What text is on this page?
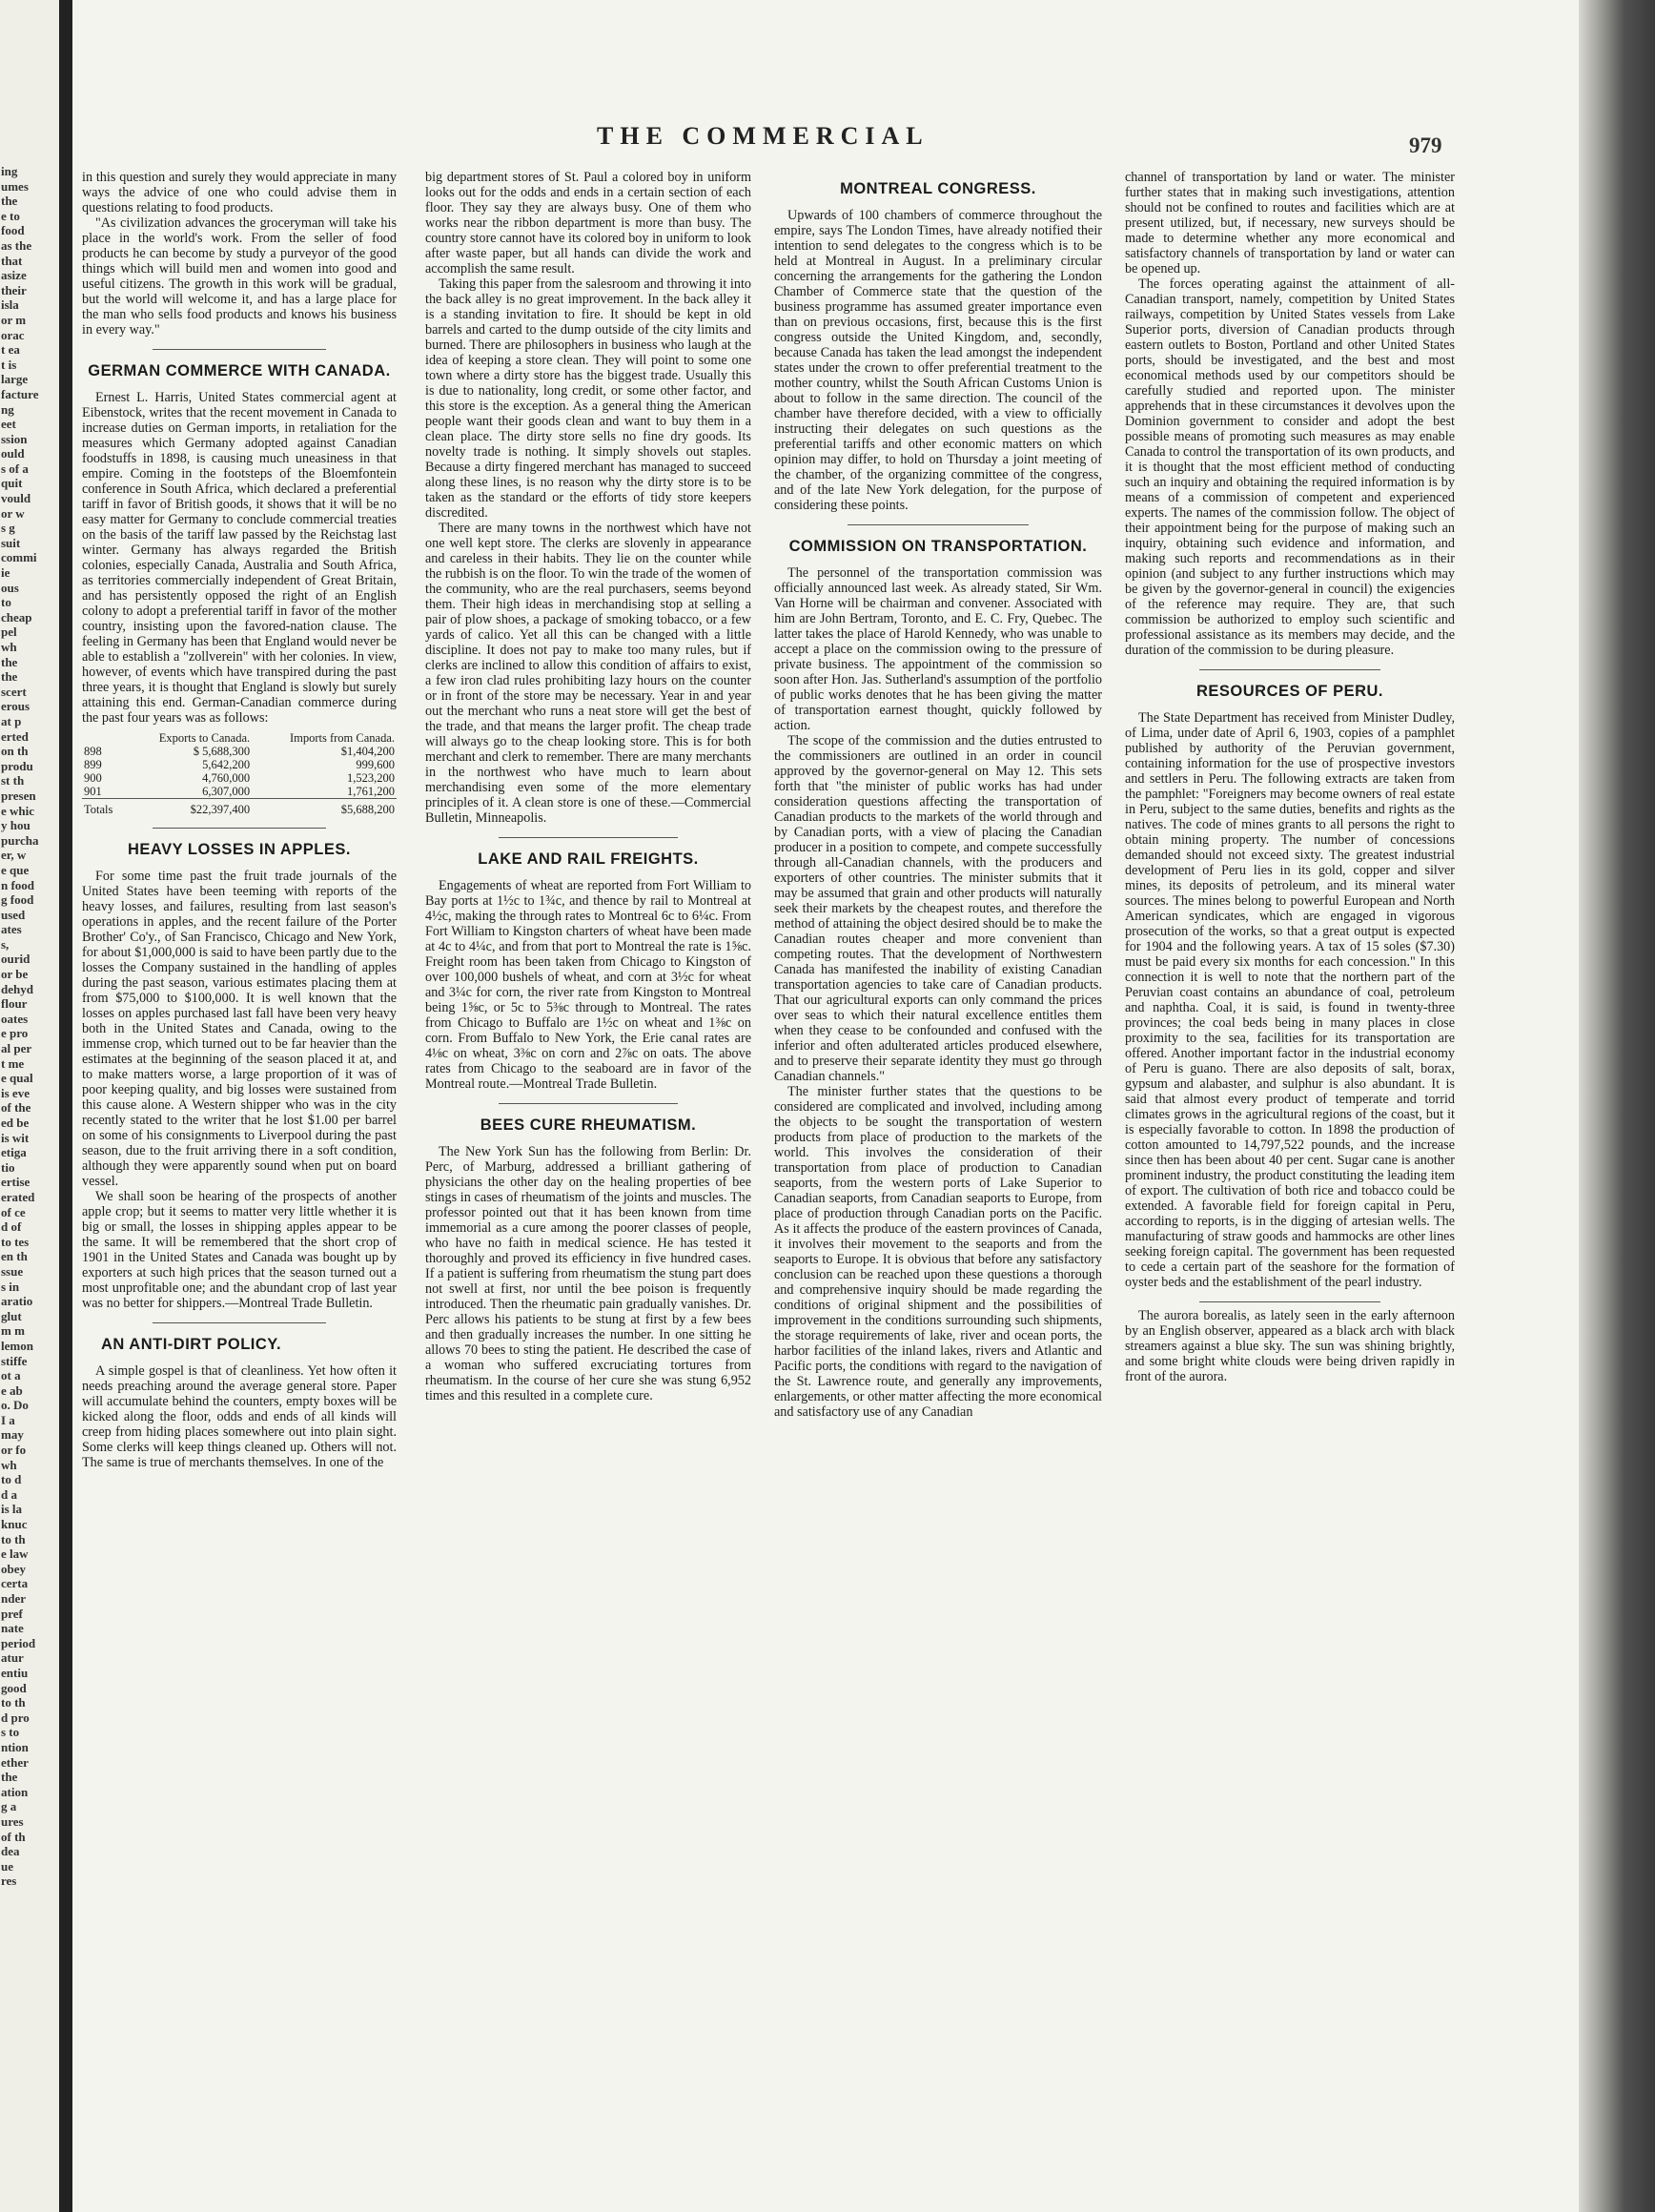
ing
umes
the
e to
food
as the
that
asize
their
isla
or m
orac
t ea
t is
large
facture
ng
eet
ssion
ould
s of a
quit
vould
or w
s g
suit
commi
ie
ous
to
cheap
pel
wh
the
the
scert
erous
at p
erted
on th
produ
st th
presen
e whic
y hou
purcha
er, w
e que
n food
g food
used
ates
s,
ourid
or be
dehyd
flour
oates
e pro
al per
t me
e qual
is eve
of the
ed be
is wit
etiga
tio
ertise
erated
of ce
d of
to tes
en th
ssue
s in
aratio
glut
m m
lemon
stiffe
ot a
e ab
o. Do
I a
may
or fo
wh
to d
d a
is la
knuc
to th
e law
obey
certa
nder
pref
nate
period
atur
entiu
good
to th
d pro
s to
ntion
ether
the
ation
g a
ures
of th
dea
ue
res
THE COMMERCIAL	979

in this question and surely they would appreciate in many ways the advice of one who could advise them in questions relating to food products.

"As civilization advances the groceryman will take his place in the world's work. From the seller of food products he can become by study a purveyor of the good things which will build men and women into good and useful citizens. The growth in this work will be gradual, but the world will welcome it, and has a large place for the man who sells food products and knows his business in every way."

GERMAN COMMERCE WITH CANADA.

Ernest L. Harris, United States commercial agent at Eibenstock, writes that the recent movement in Canada to increase duties on German imports, in retaliation for the measures which Germany adopted against Canadian foodstuffs in 1898, is causing much uneasiness in that empire. Coming in the footsteps of the Bloemfontein conference in South Africa, which declared a preferential tariff in favor of British goods, it shows that it will be no easy matter for Germany to conclude commercial treaties on the basis of the tariff law passed by the Reichstag last winter. Germany has always regarded the British colonies, especially Canada, Australia and South Africa, as territories commercially independent of Great Britain, and has persistently opposed the right of an English colony to adopt a preferential tariff in favor of the mother country, insisting upon the favored-nation clause. The feeling in Germany has been that England would never be able to establish a "zollverein" with her colonies. In view, however, of events which have transpired during the past three years, it is thought that England is slowly but surely attaining this end. German-Canadian commerce during the past four years was as follows:

	Exports to Canada.	Imports from Canada.
898	$ 5,688,300	$1,404,200
899	5,642,200	999,600
900	4,760,000	1,523,200
901	6,307,000	1,761,200
Totals	$22,397,400	$5,688,200
HEAVY LOSSES IN APPLES.

For some time past the fruit trade journals of the United States have been teeming with reports of the heavy losses, and failures, resulting from last season's operations in apples, and the recent failure of the Porter Brother' Co'y., of San Francisco, Chicago and New York, for about $1,000,000 is said to have been partly due to the losses the Company sustained in the handling of apples during the past season, various estimates placing them at from $75,000 to $100,000. It is well known that the losses on apples purchased last fall have been very heavy both in the United States and Canada, owing to the immense crop, which turned out to be far heavier than the estimates at the beginning of the season placed it at, and to make matters worse, a large proportion of it was of poor keeping quality, and big losses were sustained from this cause alone. A Western shipper who was in the city recently stated to the writer that he lost $1.00 per barrel on some of his consignments to Liverpool during the past season, due to the fruit arriving there in a soft condition, although they were apparently sound when put on board vessel.

We shall soon be hearing of the prospects of another apple crop; but it seems to matter very little whether it is big or small, the losses in shipping apples appear to be the same. It will be remembered that the short crop of 1901 in the United States and Canada was bought up by exporters at such high prices that the season turned out a most unprofitable one; and the abundant crop of last year was no better for shippers.—Montreal Trade Bulletin.

AN ANTI-DIRT POLICY.

A simple gospel is that of cleanliness. Yet how often it needs preaching around the average general store. Paper will accumulate behind the counters, empty boxes will be kicked along the floor, odds and ends of all kinds will creep from hiding places somewhere out into plain sight. Some clerks will keep things cleaned up. Others will not. The same is true of merchants themselves. In one of the

big department stores of St. Paul a colored boy in uniform looks out for the odds and ends in a certain section of each floor. They say they are always busy. One of them who works near the ribbon department is more than busy. The country store cannot have its colored boy in uniform to look after waste paper, but all hands can divide the work and accomplish the same result.

Taking this paper from the salesroom and throwing it into the back alley is no great improvement. In the back alley it is a standing invitation to fire. It should be kept in old barrels and carted to the dump outside of the city limits and burned. There are philosophers in business who laugh at the idea of keeping a store clean. They will point to some one town where a dirty store has the biggest trade. Usually this is due to nationality, long credit, or some other factor, and this store is the exception. As a general thing the American people want their goods clean and want to buy them in a clean place. The dirty store sells no fine dry goods. Its novelty trade is nothing. It simply shovels out staples. Because a dirty fingered merchant has managed to succeed along these lines, is no reason why the dirty store is to be taken as the standard or the efforts of tidy store keepers discredited.

There are many towns in the northwest which have not one well kept store. The clerks are slovenly in appearance and careless in their habits. They lie on the counter while the rubbish is on the floor. To win the trade of the women of the community, who are the real purchasers, seems beyond them. Their high ideas in merchandising stop at selling a pair of plow shoes, a package of smoking tobacco, or a few yards of calico. Yet all this can be changed with a little discipline. It does not pay to make too many rules, but if clerks are inclined to allow this condition of affairs to exist, a few iron clad rules prohibiting lazy hours on the counter or in front of the store may be necessary. Year in and year out the merchant who runs a neat store will get the best of the trade, and that means the larger profit. The cheap trade will always go to the cheap looking store. This is for both merchant and clerk to remember. There are many merchants in the northwest who have much to learn about merchandising even some of the more elementary principles of it. A clean store is one of these.—Commercial Bulletin, Minneapolis.

LAKE AND RAIL FREIGHTS.

Engagements of wheat are reported from Fort William to Bay ports at 1½c to 1¾c, and thence by rail to Montreal at 4½c, making the through rates to Montreal 6c to 6¼c. From Fort William to Kingston charters of wheat have been made at 4c to 4¼c, and from that port to Montreal the rate is 1⅝c. Freight room has been taken from Chicago to Kingston of over 100,000 bushels of wheat, and corn at 3½c for wheat and 3¼c for corn, the river rate from Kingston to Montreal being 1⅝c, or 5c to 5⅜c through to Montreal. The rates from Chicago to Buffalo are 1½c on wheat and 1⅜c on corn. From Buffalo to New York, the Erie canal rates are 4⅛c on wheat, 3⅜c on corn and 2⅞c on oats. The above rates from Chicago to the seaboard are in favor of the Montreal route.—Montreal Trade Bulletin.

BEES CURE RHEUMATISM.

The New York Sun has the following from Berlin: Dr. Perc, of Marburg, addressed a brilliant gathering of physicians the other day on the healing properties of bee stings in cases of rheumatism of the joints and muscles. The professor pointed out that it has been known from time immemorial as a cure among the poorer classes of people, who have no faith in medical science. He has tested it thoroughly and proved its efficiency in five hundred cases. If a patient is suffering from rheumatism the stung part does not swell at first, nor until the bee poison is frequently introduced. Then the rheumatic pain gradually vanishes. Dr. Perc allows his patients to be stung at first by a few bees and then gradually increases the number. In one sitting he allows 70 bees to sting the patient. He described the case of a woman who suffered excruciating tortures from rheumatism. In the course of her cure she was stung 6,952 times and this resulted in a complete cure.

MONTREAL CONGRESS.

Upwards of 100 chambers of commerce throughout the empire, says The London Times, have already notified their intention to send delegates to the congress which is to be held at Montreal in August. In a preliminary circular concerning the arrangements for the gathering the London Chamber of Commerce state that the question of the business programme has assumed greater importance even than on previous occasions, first, because this is the first congress outside the United Kingdom, and, secondly, because Canada has taken the lead amongst the independent states under the crown to offer preferential treatment to the mother country, whilst the South African Customs Union is about to follow in the same direction. The council of the chamber have therefore decided, with a view to officially instructing their delegates on such questions as the preferential tariffs and other economic matters on which opinion may differ, to hold on Thursday a joint meeting of the chamber, of the organizing committee of the congress, and of the late New York delegation, for the purpose of considering these points.

COMMISSION ON TRANSPORTATION.

The personnel of the transportation commission was officially announced last week. As already stated, Sir Wm. Van Horne will be chairman and convener. Associated with him are John Bertram, Toronto, and E. C. Fry, Quebec. The latter takes the place of Harold Kennedy, who was unable to accept a place on the commission owing to the pressure of private business. The appointment of the commission so soon after Hon. Jas. Sutherland's assumption of the portfolio of public works denotes that he has been giving the matter of transportation earnest thought, quickly followed by action.

The scope of the commission and the duties entrusted to the commissioners are outlined in an order in council approved by the governor-general on May 12. This sets forth that "the minister of public works has had under consideration questions affecting the transportation of Canadian products to the markets of the world through and by Canadian ports, with a view of placing the Canadian producer in a position to compete, and compete successfully through all-Canadian channels, with the producers and exporters of other countries. The minister submits that it may be assumed that grain and other products will naturally seek their markets by the cheapest routes, and therefore the method of attaining the object desired should be to make the Canadian routes cheaper and more convenient than competing routes. That the development of Northwestern Canada has manifested the inability of existing Canadian transportation agencies to take care of Canadian products. That our agricultural exports can only command the prices over seas to which their natural excellence entitles them when they cease to be confounded and confused with the inferior and often adulterated articles produced elsewhere, and to preserve their separate identity they must go through Canadian channels."

The minister further states that the questions to be considered are complicated and involved, including among the objects to be sought the transportation of western products from place of production to the markets of the world. This involves the consideration of their transportation from place of production to Canadian seaports, from the western ports of Lake Superior to Canadian seaports, from Canadian seaports to Europe, from place of production through Canadian ports on the Pacific. As it affects the produce of the eastern provinces of Canada, it involves their movement to the seaports and from the seaports to Europe. It is obvious that before any satisfactory conclusion can be reached upon these questions a thorough and comprehensive inquiry should be made regarding the conditions of original shipment and the possibilities of improvement in the conditions surrounding such shipments, the storage requirements of lake, river and ocean ports, the harbor facilities of the inland lakes, rivers and Atlantic and Pacific ports, the conditions with regard to the navigation of the St. Lawrence route, and generally any improvements, enlargements, or other matter affecting the more economical and satisfactory use of any Canadian

channel of transportation by land or water. The minister further states that in making such investigations, attention should not be confined to routes and facilities which are at present utilized, but, if necessary, new surveys should be made to determine whether any more economical and satisfactory channels of transportation by land or water can be opened up.

The forces operating against the attainment of all-Canadian transport, namely, competition by United States railways, competition by United States vessels from Lake Superior ports, diversion of Canadian products through eastern outlets to Boston, Portland and other United States ports, should be investigated, and the best and most economical methods used by our competitors should be carefully studied and reported upon. The minister apprehends that in these circumstances it devolves upon the Dominion government to consider and adopt the best possible means of promoting such measures as may enable Canada to control the transportation of its own products, and it is thought that the most efficient method of conducting such an inquiry and obtaining the required information is by means of a commission of competent and experienced experts. The names of the commission follow. The object of their appointment being for the purpose of making such an inquiry, obtaining such evidence and information, and making such reports and recommendations as in their opinion (and subject to any further instructions which may be given by the governor-general in council) the exigencies of the reference may require. They are, that such commission be authorized to employ such scientific and professional assistance as its members may decide, and the duration of the commission to be during pleasure.

RESOURCES OF PERU.

The State Department has received from Minister Dudley, of Lima, under date of April 6, 1903, copies of a pamphlet published by authority of the Peruvian government, containing information for the use of prospective investors and settlers in Peru. The following extracts are taken from the pamphlet: "Foreigners may become owners of real estate in Peru, subject to the same duties, benefits and rights as the natives. The code of mines grants to all persons the right to obtain mining property. The number of concessions demanded should not exceed sixty. The greatest industrial development of Peru lies in its gold, copper and silver mines, its deposits of petroleum, and its mineral water sources. The mines belong to powerful European and North American syndicates, which are engaged in vigorous prosecution of the works, so that a great output is expected for 1904 and the following years. A tax of 15 soles ($7.30) must be paid every six months for each concession." In this connection it is well to note that the northern part of the Peruvian coast contains an abundance of coal, petroleum and naphtha. Coal, it is said, is found in twenty-three provinces; the coal beds being in many places in close proximity to the sea, facilities for its transportation are offered. Another important factor in the industrial economy of Peru is guano. There are also deposits of salt, borax, gypsum and alabaster, and sulphur is also abundant. It is said that almost every product of temperate and torrid climates grows in the agricultural regions of the coast, but it is especially favorable to cotton. In 1898 the production of cotton amounted to 14,797,522 pounds, and the increase since then has been about 40 per cent. Sugar cane is another prominent industry, the product constituting the leading item of export. The cultivation of both rice and tobacco could be extended. A favorable field for foreign capital in Peru, according to reports, is in the digging of artesian wells. The manufacturing of straw goods and hammocks are other lines seeking foreign capital. The government has been requested to cede a certain part of the seashore for the formation of oyster beds and the establishment of the pearl industry.

The aurora borealis, as lately seen in the early afternoon by an English observer, appeared as a black arch with black streamers against a blue sky. The sun was shining brightly, and some bright white clouds were being driven rapidly in front of the aurora.
